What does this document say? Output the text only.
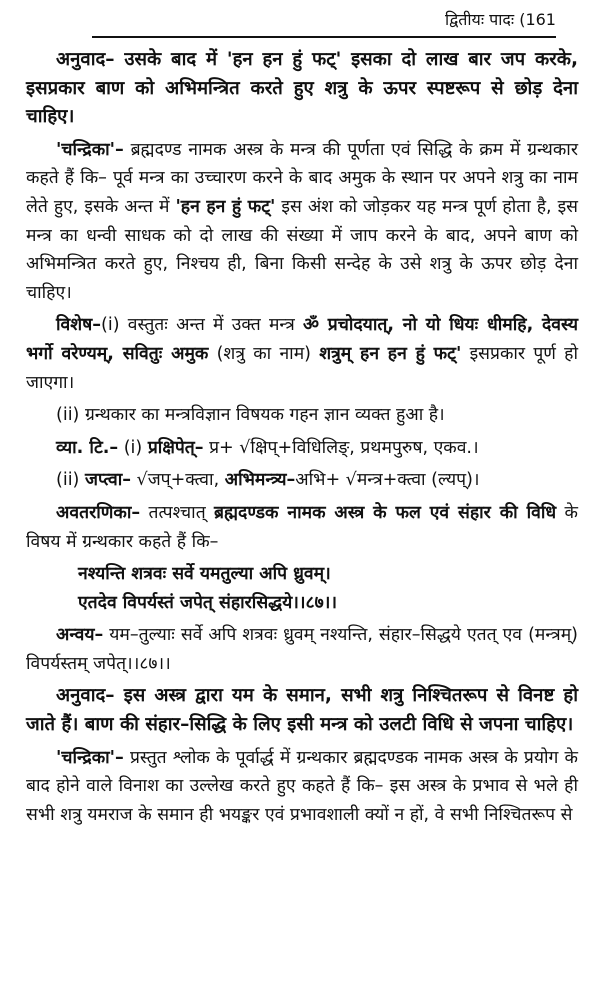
द्वितीयः पादः (161

अनुवाद– उसके बाद में 'हन हन हुं फट्' इसका दो लाख बार जप करके, इसप्रकार बाण को अभिमन्त्रित करते हुए शत्रु के ऊपर स्पष्टरूप से छोड़ देना चाहिए।

'चन्द्रिका'– ब्रह्मदण्ड नामक अस्त्र के मन्त्र की पूर्णता एवं सिद्धि के क्रम में ग्रन्थकार कहते हैं कि– पूर्व मन्त्र का उच्चारण करने के बाद अमुक के स्थान पर अपने शत्रु का नाम लेते हुए, इसके अन्त में 'हन हन हुं फट्' इस अंश को जोड़कर यह मन्त्र पूर्ण होता है, इस मन्त्र का धन्वी साधक को दो लाख की संख्या में जाप करने के बाद, अपने बाण को अभिमन्त्रित करते हुए, निश्चय ही, बिना किसी सन्देह के उसे शत्रु के ऊपर छोड़ देना चाहिए।

विशेष–(i) वस्तुतः अन्त में उक्त मन्त्र ॐ प्रचोदयात्, नो यो धियः धीमहि, देवस्य भर्गो वरेण्यम्, सवितुः अमुक (शत्रु का नाम) शत्रुम् हन हन हुं फट्' इसप्रकार पूर्ण हो जाएगा।

(ii) ग्रन्थकार का मन्त्रविज्ञान विषयक गहन ज्ञान व्यक्त हुआ है।

व्या. टि.– (i) प्रक्षिपेत्– प्र+ √क्षिप्+विधिलिङ्, प्रथमपुरुष, एकव.।

(ii) जप्त्वा– √जप्+क्त्वा, अभिमन्त्र्य–अभि+ √मन्त्र+क्त्वा (ल्यप्)।

अवतरणिका– तत्पश्चात् ब्रह्मदण्डक नामक अस्त्र के फल एवं संहार की विधि के विषय में ग्रन्थकार कहते हैं कि–

नश्यन्ति शत्रवः सर्वे यमतुल्या अपि ध्रुवम्।

एतदेव विपर्यस्तं जपेत् संहारसिद्धये।।८७।।

अन्वय– यम–तुल्याः सर्वे अपि शत्रवः ध्रुवम् नश्यन्ति, संहार–सिद्धये एतत् एव (मन्त्रम्) विपर्यस्तम् जपेत्।।८७।।

अनुवाद– इस अस्त्र द्वारा यम के समान, सभी शत्रु निश्चितरूप से विनष्ट हो जाते हैं। बाण की संहार–सिद्धि के लिए इसी मन्त्र को उलटी विधि से जपना चाहिए।

'चन्द्रिका'– प्रस्तुत श्लोक के पूर्वार्द्ध में ग्रन्थकार ब्रह्मदण्डक नामक अस्त्र के प्रयोग के बाद होने वाले विनाश का उल्लेख करते हुए कहते हैं कि– इस अस्त्र के प्रभाव से भले ही सभी शत्रु यमराज के समान ही भयङ्कर एवं प्रभावशाली क्यों न हों, वे सभी निश्चितरूप से
